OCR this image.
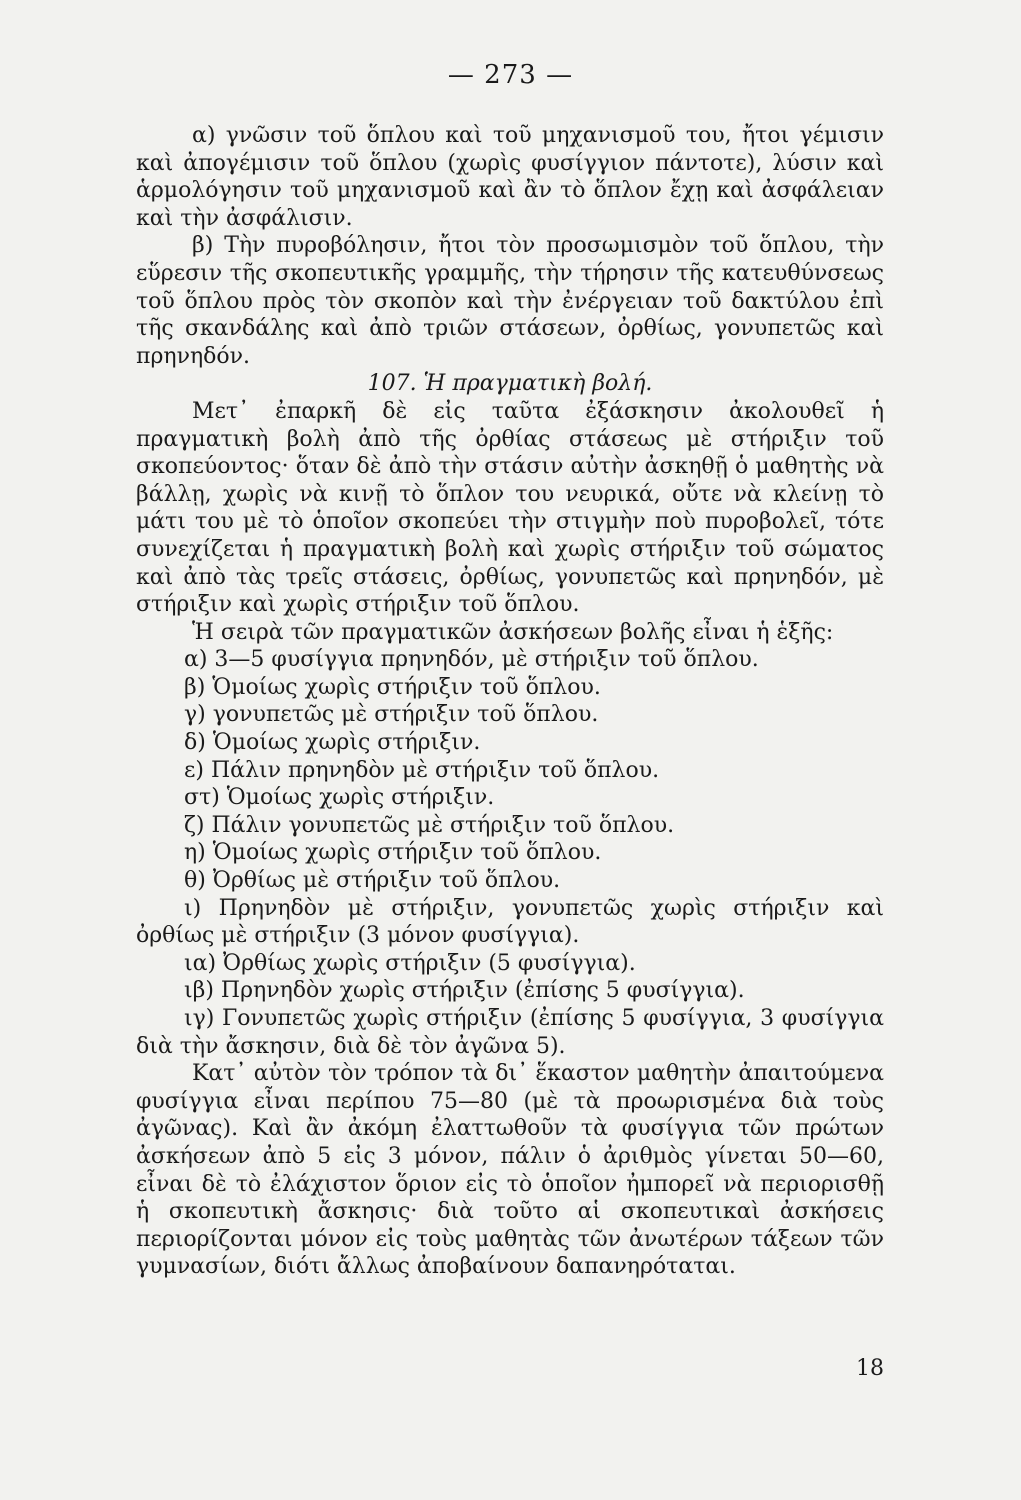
— 273 —

α) γνῶσιν τοῦ ὅπλου καὶ τοῦ μηχανισμοῦ του, ἤτοι γέμισιν καὶ ἀπογέμισιν τοῦ ὅπλου (χωρὶς φυσίγγιον πάντοτε), λύσιν καὶ ἁρμολόγησιν τοῦ μηχανισμοῦ καὶ ἂν τὸ ὅπλον ἔχῃ καὶ ἀσφάλειαν καὶ τὴν ἀσφάλισιν.

β) Τὴν πυροβόλησιν, ἤτοι τὸν προσωμισμὸν τοῦ ὅπλου, τὴν εὕρεσιν τῆς σκοπευτικῆς γραμμῆς, τὴν τήρησιν τῆς κατευθύνσεως τοῦ ὅπλου πρὸς τὸν σκοπὸν καὶ τὴν ἐνέργειαν τοῦ δακτύλου ἐπὶ τῆς σκανδάλης καὶ ἀπὸ τριῶν στάσεων, ὀρθίως, γονυπετῶς καὶ πρηνηδόν.

107. Ἡ πραγματικὴ βολή.

Μετ᾿ ἐπαρκῆ δὲ εἰς ταῦτα ἐξάσκησιν ἀκολουθεῖ ἡ πραγματικὴ βολὴ ἀπὸ τῆς ὀρθίας στάσεως μὲ στήριξιν τοῦ σκοπεύοντος· ὅταν δὲ ἀπὸ τὴν στάσιν αὐτὴν ἀσκηθῇ ὁ μαθητὴς νὰ βάλλῃ, χωρὶς νὰ κινῇ τὸ ὅπλον του νευρικά, οὔτε νὰ κλείνῃ τὸ μάτι του μὲ τὸ ὁποῖον σκοπεύει τὴν στιγμὴν ποὺ πυροβολεῖ, τότε συνεχίζεται ἡ πραγματικὴ βολὴ καὶ χωρὶς στήριξιν τοῦ σώματος καὶ ἀπὸ τὰς τρεῖς στάσεις, ὀρθίως, γονυπετῶς καὶ πρηνηδόν, μὲ στήριξιν καὶ χωρὶς στήριξιν τοῦ ὅπλου.

Ἡ σειρὰ τῶν πραγματικῶν ἀσκήσεων βολῆς εἶναι ἡ ἑξῆς:

α) 3—5 φυσίγγια πρηνηδόν, μὲ στήριξιν τοῦ ὅπλου.

β) Ὁμοίως χωρὶς στήριξιν τοῦ ὅπλου.

γ) γονυπετῶς μὲ στήριξιν τοῦ ὅπλου.

δ) Ὁμοίως χωρὶς στήριξιν.

ε) Πάλιν πρηνηδὸν μὲ στήριξιν τοῦ ὅπλου.

στ) Ὁμοίως χωρὶς στήριξιν.

ζ) Πάλιν γονυπετῶς μὲ στήριξιν τοῦ ὅπλου.

η) Ὁμοίως χωρὶς στήριξιν τοῦ ὅπλου.

θ) Ὀρθίως μὲ στήριξιν τοῦ ὅπλου.

ι) Πρηνηδὸν μὲ στήριξιν, γονυπετῶς χωρὶς στήριξιν καὶ ὀρθίως μὲ στήριξιν (3 μόνον φυσίγγια).

ια) Ὀρθίως χωρὶς στήριξιν (5 φυσίγγια).

ιβ) Πρηνηδὸν χωρὶς στήριξιν (ἐπίσης 5 φυσίγγια).

ιγ) Γονυπετῶς χωρὶς στήριξιν (ἐπίσης 5 φυσίγγια, 3 φυσίγγια διὰ τὴν ἄσκησιν, διὰ δὲ τὸν ἀγῶνα 5).

Κατ᾿ αὐτὸν τὸν τρόπον τὰ δι᾿ ἕκαστον μαθητὴν ἀπαιτούμενα φυσίγγια εἶναι περίπου 75—80 (μὲ τὰ προωρισμένα διὰ τοὺς ἀγῶνας). Καὶ ἂν ἀκόμη ἐλαττωθοῦν τὰ φυσίγγια τῶν πρώτων ἀσκήσεων ἀπὸ 5 εἰς 3 μόνον, πάλιν ὁ ἀριθμὸς γίνεται 50—60, εἶναι δὲ τὸ ἐλάχιστον ὅριον εἰς τὸ ὁποῖον ἠμπορεῖ νὰ περιορισθῇ ἡ σκοπευτικὴ ἄσκησις· διὰ τοῦτο αἱ σκοπευτικαὶ ἀσκήσεις περιορίζονται μόνον εἰς τοὺς μαθητὰς τῶν ἀνωτέρων τάξεων τῶν γυμνασίων, διότι ἄλλως ἀποβαίνουν δαπανηρόταται.

18
